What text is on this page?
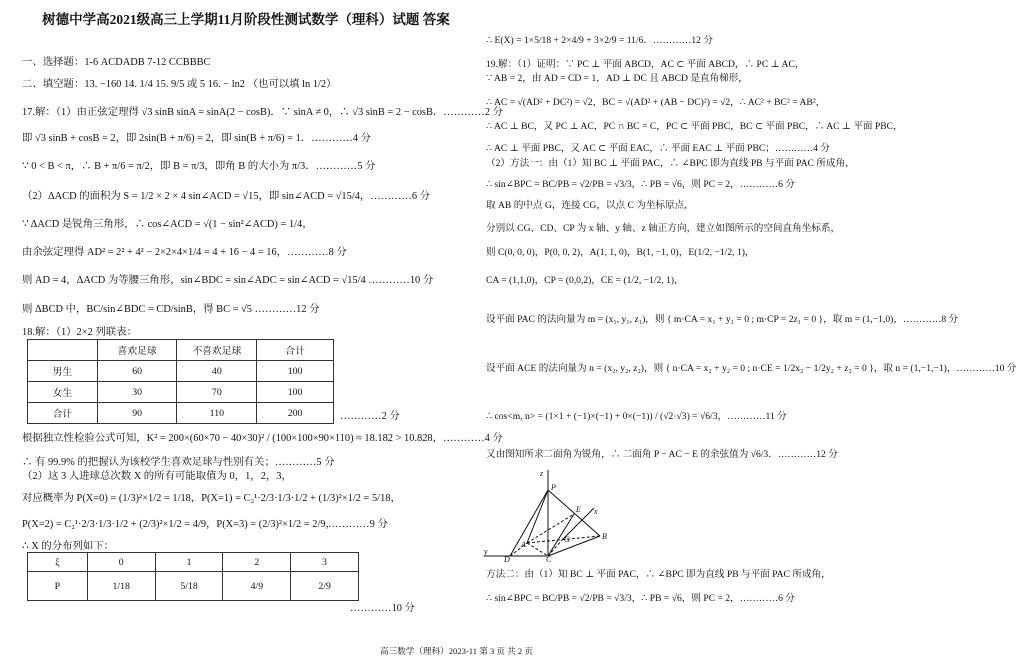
树德中学高2021级高三上学期11月阶段性测试数学（理科）试题 答案
一、选择题：1-6 ACDADB 7-12 CCBBBC
二、填空题：13. −160 14. 1/4 15. 9/5 或 5 16. − ln2 （也可以填 ln 1/2）
17.解：（1）由正弦定理得 √3 sinB sinA = sinA(2 − cosB)．∵ sinA ≠ 0，∴ √3 sinB = 2 − cosB．…………2 分
即 √3 sinB + cosB = 2，即 2sin(B + π/6) = 2，即 sin(B + π/6) = 1．…………4 分
∵ 0 < B < π，∴ B + π/6 = π/2，即 B = π/3，即角 B 的大小为 π/3．…………5 分
（2）ΔACD 的面积为 S = 1/2 × 2 × 4 sin∠ACD = √15，即 sin∠ACD = √15/4，…………6 分
∵ ΔACD 是锐角三角形，∴ cos∠ACD = √(1 − sin²∠ACD) = 1/4，
由余弦定理得 AD² = 2² + 4² − 2×2×4×1/4 = 4 + 16 − 4 = 16，…………8 分
则 AD = 4，ΔACD 为等腰三角形，sin∠BDC = sin∠ADC = sin∠ACD = √15/4 …………10 分
则 ΔBCD 中，BC/sin∠BDC = CD/sinB，得 BC = √5 …………12 分
18.解：（1）2×2 列联表：
	喜欢足球	不喜欢足球	合计
男生	60	40	100
女生	30	70	100
合计	90	110	200	…………2 分
根据独立性检验公式可知，K² = 200×(60×70 − 40×30)² / (100×100×90×110) ≈ 18.182 > 10.828，…………4 分
∴ 有 99.9% 的把握认为该校学生喜欢足球与性别有关；…………5 分
（2）这 3 人进球总次数 X 的所有可能取值为 0，1，2，3，
对应概率为 P(X=0) = (1/3)²×1/2 = 1/18，P(X=1) = C₂¹·2/3·1/3·1/2 + (1/3)²×1/2 = 5/18，
P(X=2) = C₂¹·2/3·1/3·1/2 + (2/3)²×1/2 = 4/9，P(X=3) = (2/3)²×1/2 = 2/9，
…………9 分
∴ X 的分布列如下：
ξ	0	1	2	3
P	1/18	5/18	4/9	2/9
…………10 分
∴ E(X) = 1×5/18 + 2×4/9 + 3×2/9 = 11/6．…………12 分
19.解：（1）证明：∵ PC ⊥ 平面 ABCD，AC ⊂ 平面 ABCD，∴ PC ⊥ AC，
∵ AB = 2，由 AD = CD = 1，AD ⊥ DC 且 ABCD 是直角梯形，
∴ AC = √(AD² + DC²) = √2，BC = √(AD² + (AB − DC)²) = √2，∴ AC² + BC² = AB²，
∴ AC ⊥ BC，又 PC ⊥ AC，PC ∩ BC = C，PC ⊂ 平面 PBC，BC ⊂ 平面 PBC，∴ AC ⊥ 平面 PBC，
∴ AC ⊥ 平面 PBC，又 AC ⊂ 平面 EAC，∴ 平面 EAC ⊥ 平面 PBC；…………4 分
（2）方法一：由（1）知 BC ⊥ 平面 PAC，∴ ∠BPC 即为直线 PB 与平面 PAC 所成角，
∴ sin∠BPC = BC/PB = √2/PB = √3/3，∴ PB = √6，则 PC = 2，…………6 分
取 AB 的中点 G，连接 CG，以点 C 为坐标原点，
分别以 CG、CD、CP 为 x 轴、y 轴、z 轴正方向，建立如图所示的空间直角坐标系，
则 C(0, 0, 0)，P(0, 0, 2)，A(1, 1, 0)，B(1, −1, 0)，E(1/2, −1/2, 1)，
CA = (1,1,0)，CP = (0,0,2)，CE = (1/2, −1/2, 1)，
设平面 PAC 的法向量为 m = (x₁, y₁, z₁)，则 { m·CA = x₁ + y₁ = 0 ; m·CP = 2z₁ = 0 }，取 m = (1,−1,0)，…………8 分
设平面 ACE 的法向量为 n = (x₂, y₂, z₂)，则 { n·CA = x₂ + y₂ = 0 ; n·CE = 1/2x₂ − 1/2y₂ + z₂ = 0 }，取 n = (1,−1,−1)，…………10 分
∴ cos<m, n> = (1×1 + (−1)×(−1) + 0×(−1)) / (√2·√3) = √6/3，…………11 分
又由图知所求二面角为锐角，∴ 二面角 P − AC − E 的余弦值为 √6/3．…………12 分
z
P
E x
G	B
A
y
D	C
方法二：由（1）知 BC ⊥ 平面 PAC，∴ ∠BPC 即为直线 PB 与平面 PAC 所成角，
∴ sin∠BPC = BC/PB = √2/PB = √3/3，∴ PB = √6，则 PC = 2，…………6 分
高三数学（理科）2023-11 第 3 页 共 2 页
